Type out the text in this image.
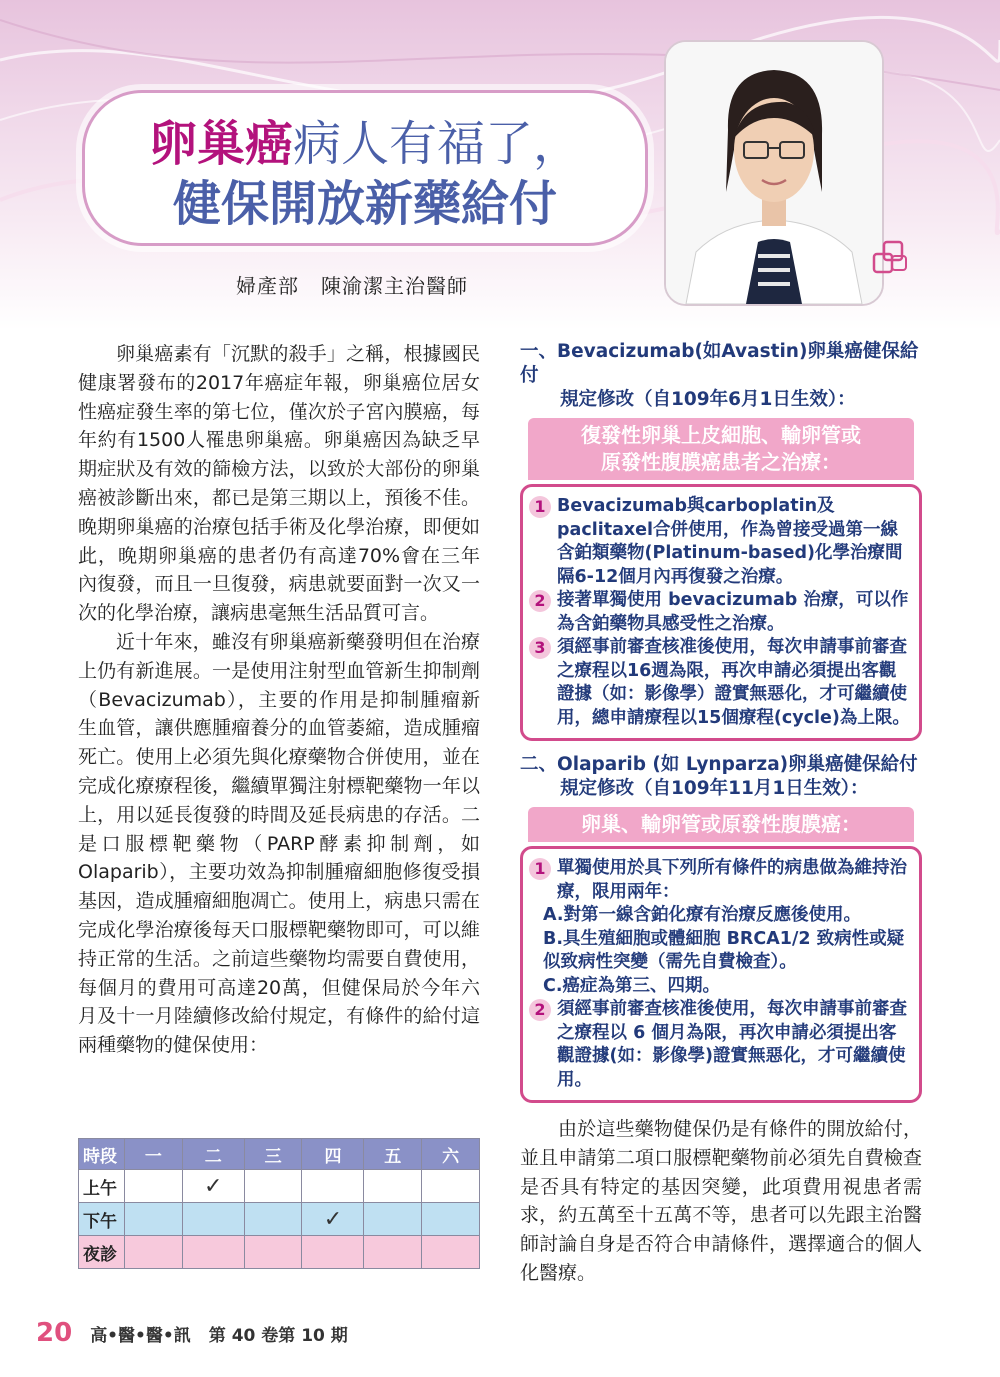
卵巢癌病人有福了，
健保開放新藥給付
婦產部 陳渝潔主治醫師

卵巢癌素有「沉默的殺手」之稱，根據國民健康署發布的2017年癌症年報，卵巢癌位居女性癌症發生率的第七位，僅次於子宮內膜癌，每年約有1500人罹患卵巢癌。卵巢癌因為缺乏早期症狀及有效的篩檢方法，以致於大部份的卵巢癌被診斷出來，都已是第三期以上，預後不佳。晚期卵巢癌的治療包括手術及化學治療，即便如此，晚期卵巢癌的患者仍有高達70%會在三年內復發，而且一旦復發，病患就要面對一次又一次的化學治療，讓病患毫無生活品質可言。

近十年來，雖沒有卵巢癌新藥發明但在治療上仍有新進展。一是使用注射型血管新生抑制劑（Bevacizumab），主要的作用是抑制腫瘤新生血管，讓供應腫瘤養分的血管萎縮，造成腫瘤死亡。使用上必須先與化療藥物合併使用，並在完成化療療程後，繼續單獨注射標靶藥物一年以上，用以延長復發的時間及延長病患的存活。二是口服標靶藥物（PARP酵素抑制劑，如Olaparib），主要功效為抑制腫瘤細胞修復受損基因，造成腫瘤細胞凋亡。使用上，病患只需在完成化學治療後每天口服標靶藥物即可，可以維持正常的生活。之前這些藥物均需要自費使用，每個月的費用可高達20萬，但健保局於今年六月及十一月陸續修改給付規定，有條件的給付這兩種藥物的健保使用：

時段	一	二	三	四	五	六
上午		✓				
下午				✓		
夜診						
一、Bevacizumab(如Avastin)卵巢癌健保給付
規定修改（自109年6月1日生效）：
復發性卵巢上皮細胞、輸卵管或
原發性腹膜癌患者之治療：
1 Bevacizumab與carboplatin及paclitaxel合併使用，作為曾接受過第一線含鉑類藥物(Platinum-based)化學治療間隔6-12個月內再復發之治療。
2 接著單獨使用 bevacizumab 治療，可以作為含鉑藥物具感受性之治療。
3 須經事前審查核准後使用，每次申請事前審查之療程以16週為限，再次申請必須提出客觀證據（如：影像學）證實無惡化，才可繼續使用，總申請療程以15個療程(cycle)為上限。
二、Olaparib (如 Lynparza)卵巢癌健保給付
規定修改（自109年11月1日生效）：
卵巢、輸卵管或原發性腹膜癌：
1 單獨使用於具下列所有條件的病患做為維持治療，限用兩年：
A.對第一線含鉑化療有治療反應後使用。
B.具生殖細胞或體細胞 BRCA1/2 致病性或疑似致病性突變（需先自費檢查）。
C.癌症為第三、四期。
2 須經事前審查核准後使用，每次申請事前審查之療程以 6 個月為限，再次申請必須提出客觀證據(如：影像學)證實無惡化，才可繼續使用。

由於這些藥物健保仍是有條件的開放給付，並且申請第二項口服標靶藥物前必須先自費檢查是否具有特定的基因突變，此項費用視患者需求，約五萬至十五萬不等，患者可以先跟主治醫師討論自身是否符合申請條件，選擇適合的個人化醫療。

20 高•醫•醫•訊 第 40 卷第 10 期
